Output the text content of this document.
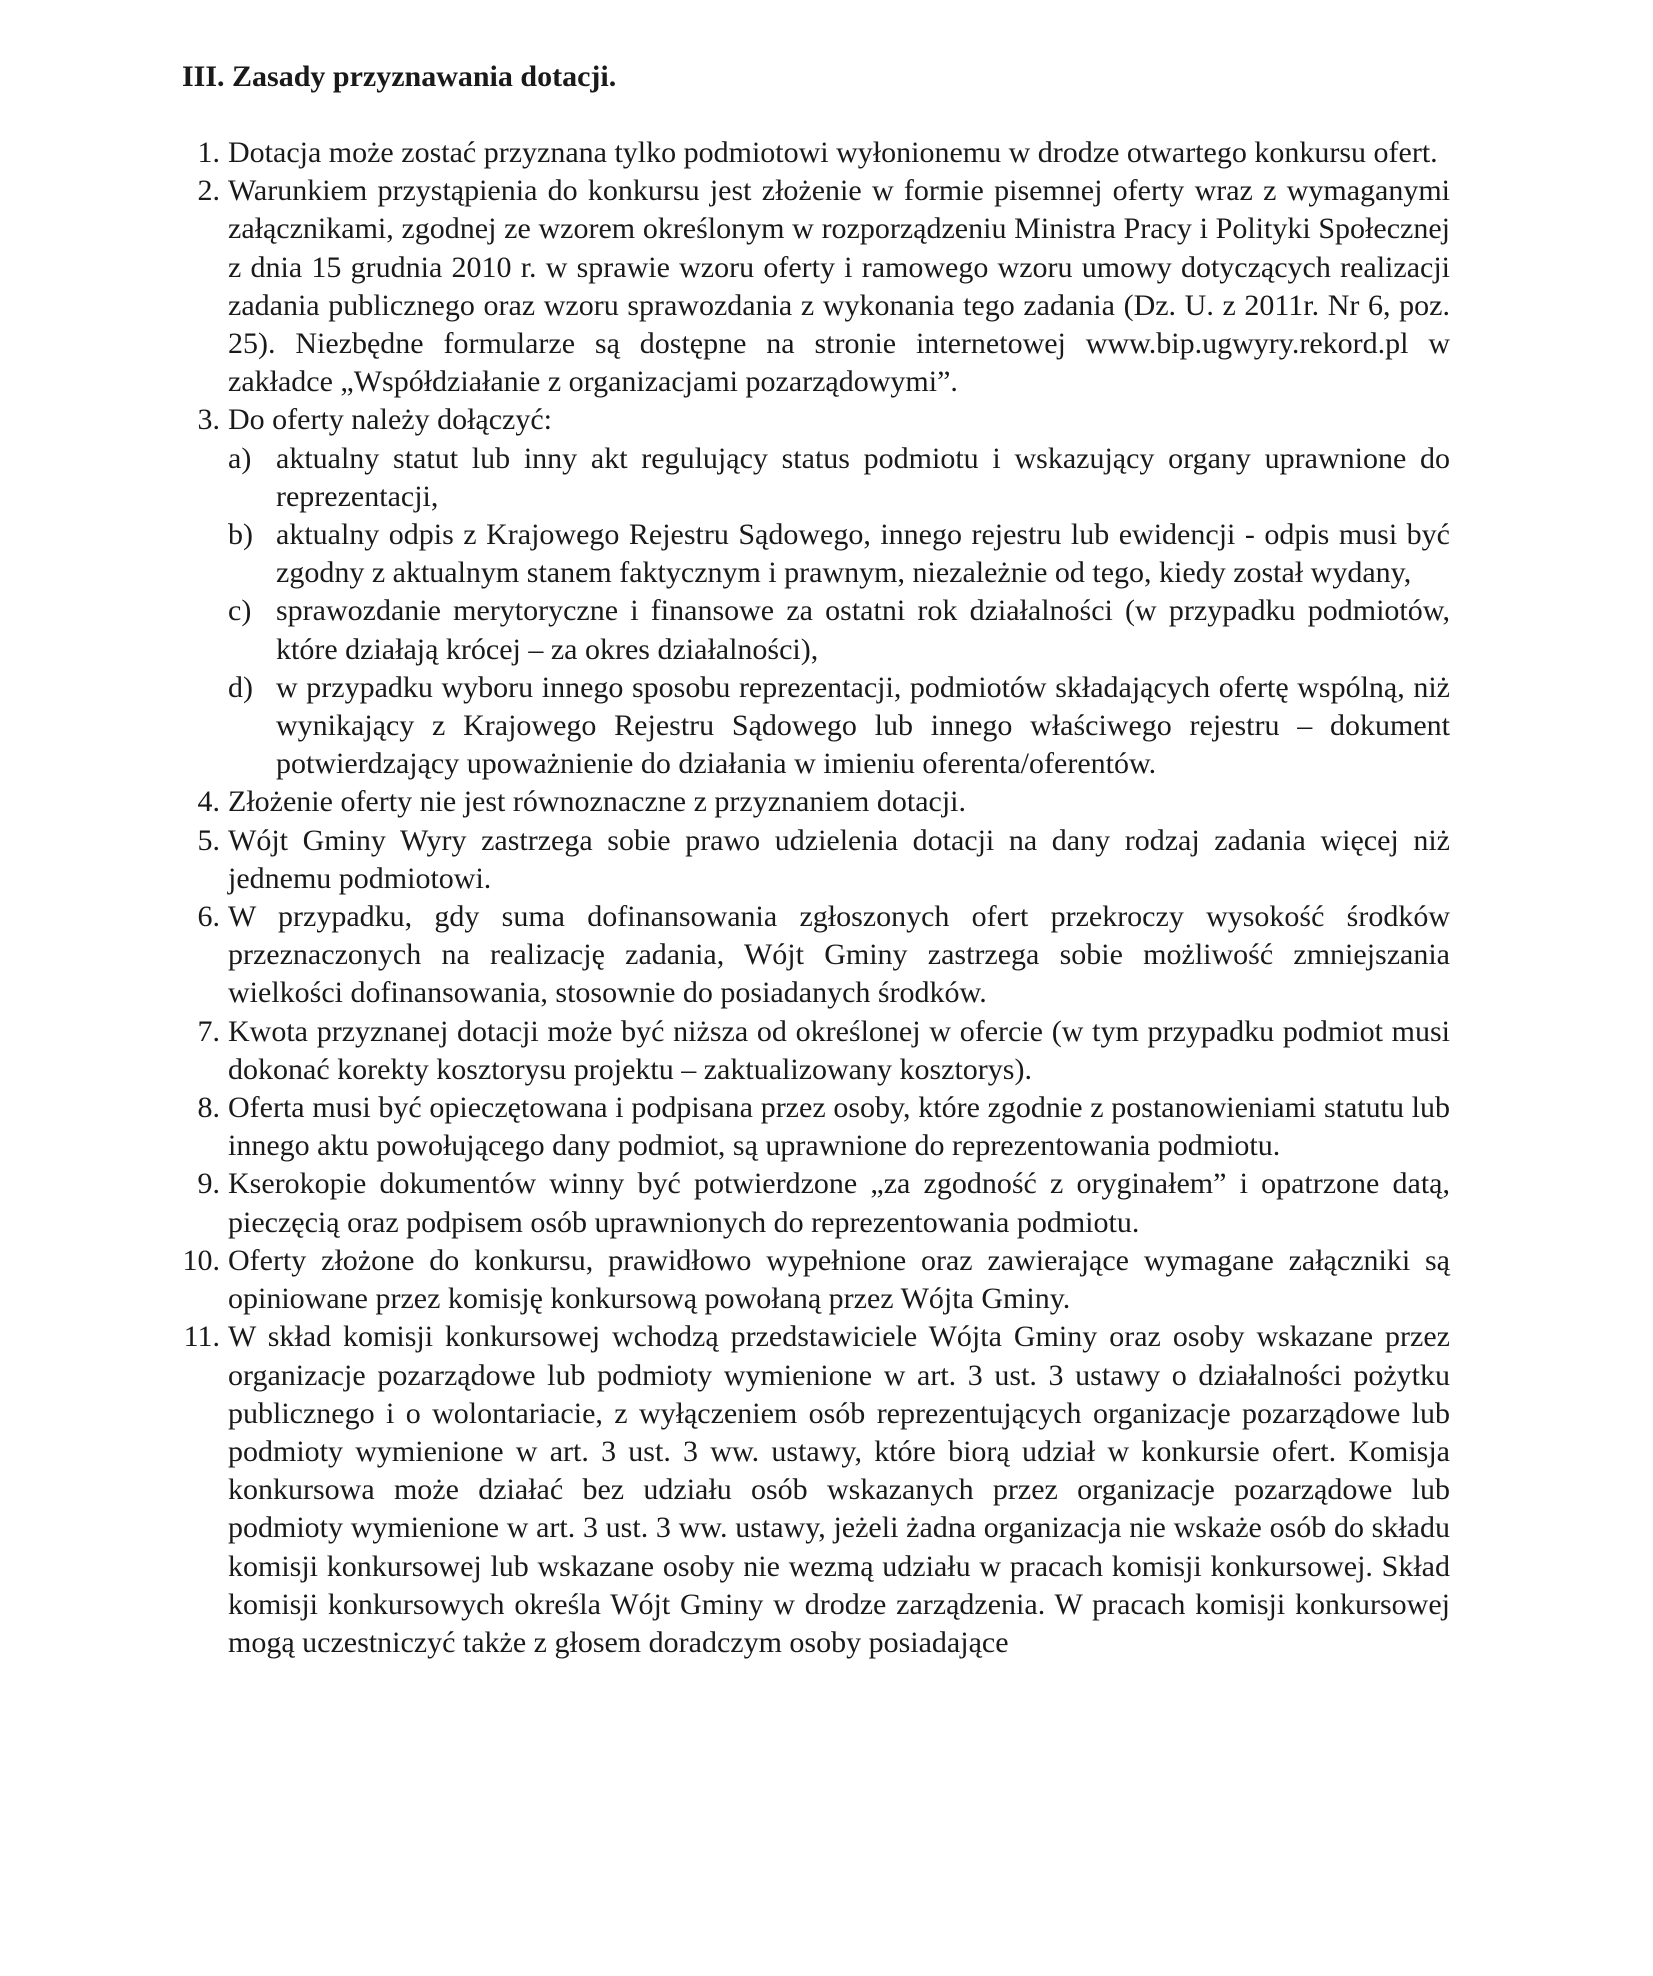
III. Zasady przyznawania dotacji.
1. Dotacja może zostać przyznana tylko podmiotowi wyłonionemu w drodze otwartego konkursu ofert.
2. Warunkiem przystąpienia do konkursu jest złożenie w formie pisemnej oferty wraz z wymaganymi załącznikami, zgodnej ze wzorem określonym w rozporządzeniu Ministra Pracy i Polityki Społecznej z dnia 15 grudnia 2010 r. w sprawie wzoru oferty i ramowego wzoru umowy dotyczących realizacji zadania publicznego oraz wzoru sprawozdania z wykonania tego zadania (Dz. U. z 2011r. Nr 6, poz. 25). Niezbędne formularze są dostępne na stronie internetowej www.bip.ugwyry.rekord.pl w zakładce „Współdziałanie z organizacjami pozarządowymi”.
3. Do oferty należy dołączyć:
a) aktualny statut lub inny akt regulujący status podmiotu i wskazujący organy uprawnione do reprezentacji,
b) aktualny odpis z Krajowego Rejestru Sądowego, innego rejestru lub ewidencji - odpis musi być zgodny z aktualnym stanem faktycznym i prawnym, niezależnie od tego, kiedy został wydany,
c) sprawozdanie merytoryczne i finansowe za ostatni rok działalności (w przypadku podmiotów, które działają krócej – za okres działalności),
d) w przypadku wyboru innego sposobu reprezentacji, podmiotów składających ofertę wspólną, niż wynikający z Krajowego Rejestru Sądowego lub innego właściwego rejestru – dokument potwierdzający upoważnienie do działania w imieniu oferenta/oferentów.
4. Złożenie oferty nie jest równoznaczne z przyznaniem dotacji.
5. Wójt Gminy Wyry zastrzega sobie prawo udzielenia dotacji na dany rodzaj zadania więcej niż jednemu podmiotowi.
6. W przypadku, gdy suma dofinansowania zgłoszonych ofert przekroczy wysokość środków przeznaczonych na realizację zadania, Wójt Gminy zastrzega sobie możliwość zmniejszania wielkości dofinansowania, stosownie do posiadanych środków.
7. Kwota przyznanej dotacji może być niższa od określonej w ofercie (w tym przypadku podmiot musi dokonać korekty kosztorysu projektu – zaktualizowany kosztorys).
8. Oferta musi być opieczętowana i podpisana przez osoby, które zgodnie z postanowieniami statutu lub innego aktu powołującego dany podmiot, są uprawnione do reprezentowania podmiotu.
9. Kserokopie dokumentów winny być potwierdzone „za zgodność z oryginałem” i opatrzone datą, pieczęcią oraz podpisem osób uprawnionych do reprezentowania podmiotu.
10. Oferty złożone do konkursu, prawidłowo wypełnione oraz zawierające wymagane załączniki są opiniowane przez komisję konkursową powołaną przez Wójta Gminy.
11. W skład komisji konkursowej wchodzą przedstawiciele Wójta Gminy oraz osoby wskazane przez organizacje pozarządowe lub podmioty wymienione w art. 3 ust. 3 ustawy o działalności pożytku publicznego i o wolontariacie, z wyłączeniem osób reprezentujących organizacje pozarządowe lub podmioty wymienione w art. 3 ust. 3 ww. ustawy, które biorą udział w konkursie ofert. Komisja konkursowa może działać bez udziału osób wskazanych przez organizacje pozarządowe lub podmioty wymienione w art. 3 ust. 3 ww. ustawy, jeżeli żadna organizacja nie wskaże osób do składu komisji konkursowej lub wskazane osoby nie wezmą udziału w pracach komisji konkursowej. Skład komisji konkursowych określa Wójt Gminy w drodze zarządzenia. W pracach komisji konkursowej mogą uczestniczyć także z głosem doradczym osoby posiadające
